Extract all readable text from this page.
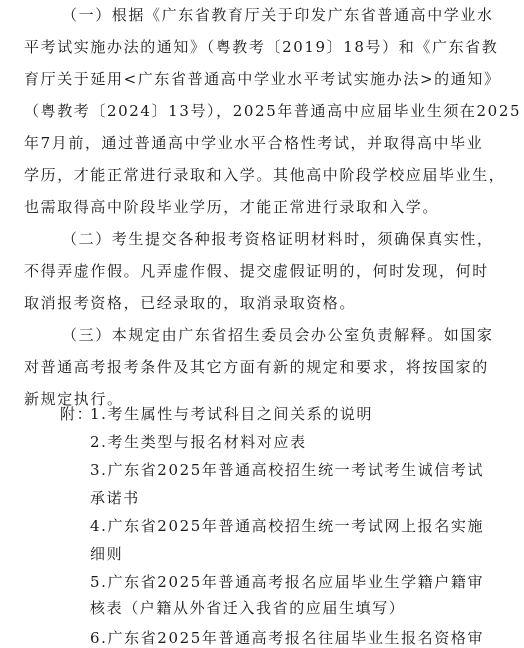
（一）根据《广东省教育厅关于印发广东省普通高中学业水
平考试实施办法的通知》（粤教考〔2019〕18号）和《广东省教
育厅关于延用<广东省普通高中学业水平考试实施办法>的通知》
（粤教考〔2024〕13号），2025年普通高中应届毕业生须在2025
年7月前，通过普通高中学业水平合格性考试，并取得高中毕业
学历，才能正常进行录取和入学。其他高中阶段学校应届毕业生，
也需取得高中阶段毕业学历，才能正常进行录取和入学。
（二）考生提交各种报考资格证明材料时，须确保真实性，
不得弄虚作假。凡弄虚作假、提交虚假证明的，何时发现，何时
取消报考资格，已经录取的，取消录取资格。
（三）本规定由广东省招生委员会办公室负责解释。如国家
对普通高考报考条件及其它方面有新的规定和要求，将按国家的
新规定执行。
附：
1.考生属性与考试科目之间关系的说明
2.考生类型与报名材料对应表
3.广东省2025年普通高校招生统一考试考生诚信考试
承诺书
4.广东省2025年普通高校招生统一考试网上报名实施
细则
5.广东省2025年普通高考报名应届毕业生学籍户籍审
核表（户籍从外省迁入我省的应届生填写）
6.广东省2025年普通高考报名往届毕业生报名资格审
